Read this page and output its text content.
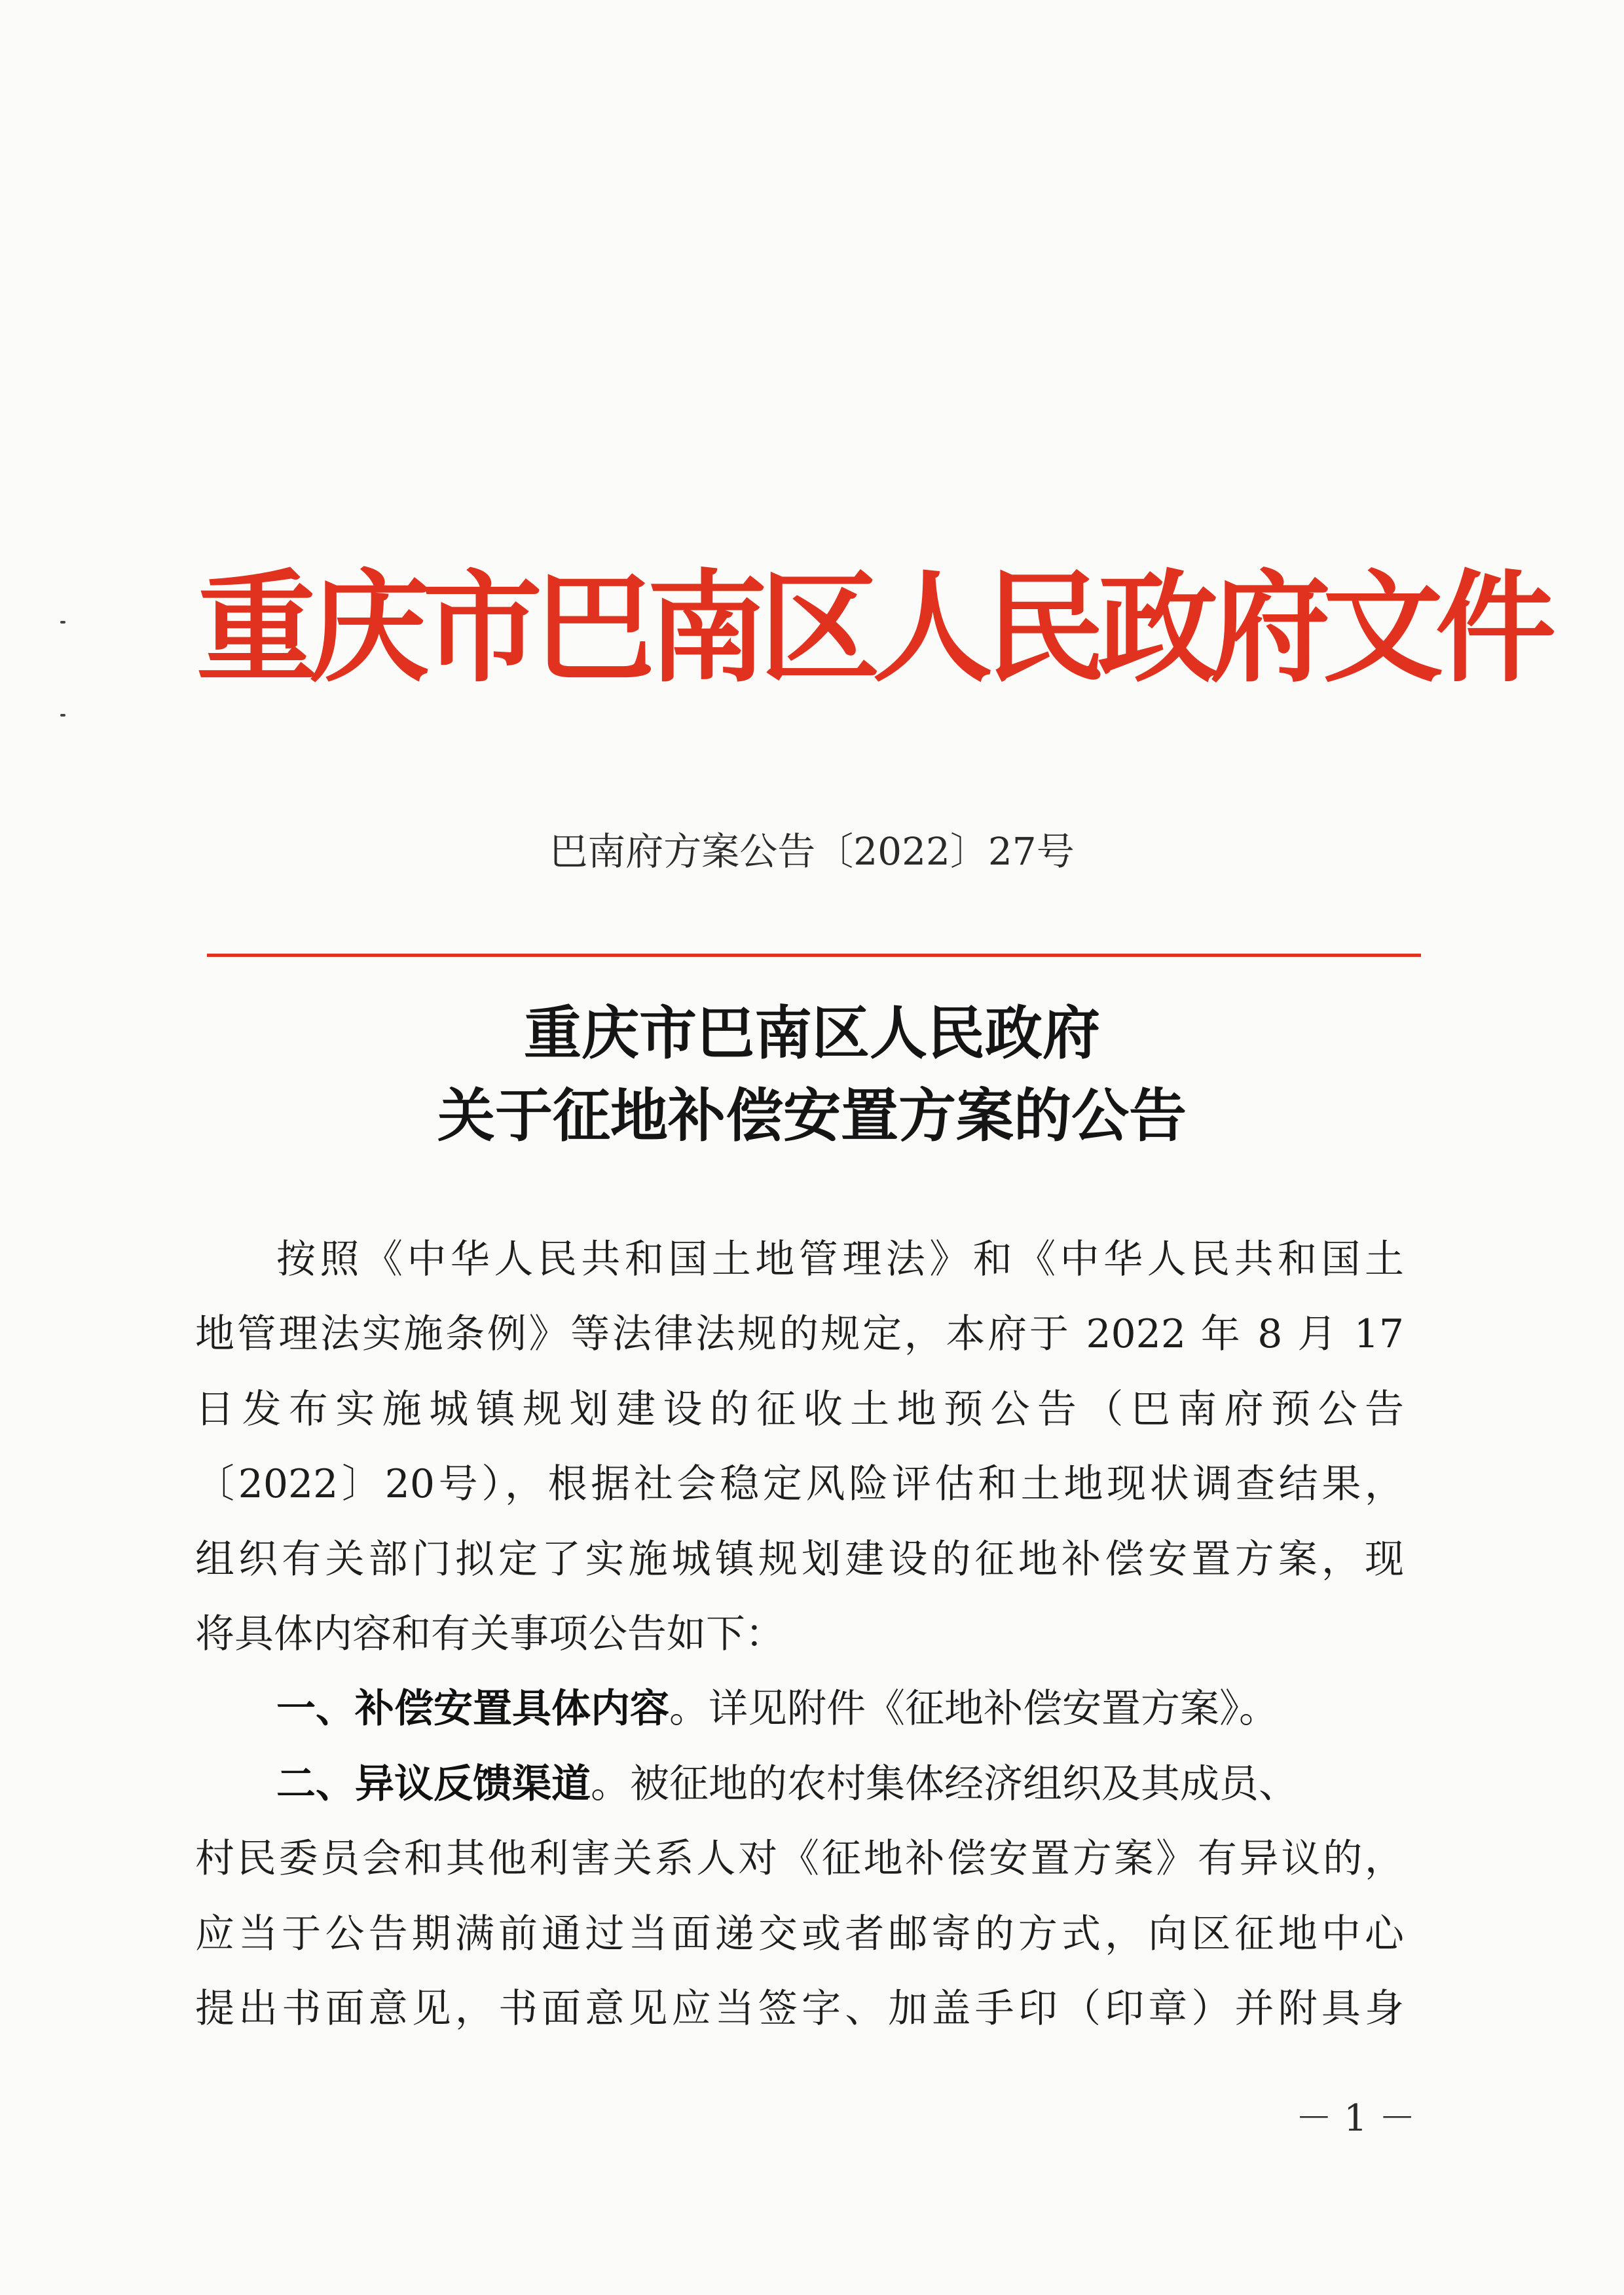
重庆市巴南区人民政府文件
巴南府方案公告〔2022〕27号
重庆市巴南区人民政府
关于征地补偿安置方案的公告

按照《中华人民共和国土地管理法》和《中华人民共和国土
地管理法实施条例》等法律法规的规定，本府于 2022 年 8 月 17
日发布实施城镇规划建设的征收土地预公告（巴南府预公告
〔2022〕20号），根据社会稳定风险评估和土地现状调查结果，
组织有关部门拟定了实施城镇规划建设的征地补偿安置方案，现
将具体内容和有关事项公告如下：

一、补偿安置具体内容。详见附件《征地补偿安置方案》。

二、异议反馈渠道。被征地的农村集体经济组织及其成员、
村民委员会和其他利害关系人对《征地补偿安置方案》有异议的，
应当于公告期满前通过当面递交或者邮寄的方式，向区征地中心
提出书面意见，书面意见应当签字、加盖手印（印章）并附具身

－ 1 －
